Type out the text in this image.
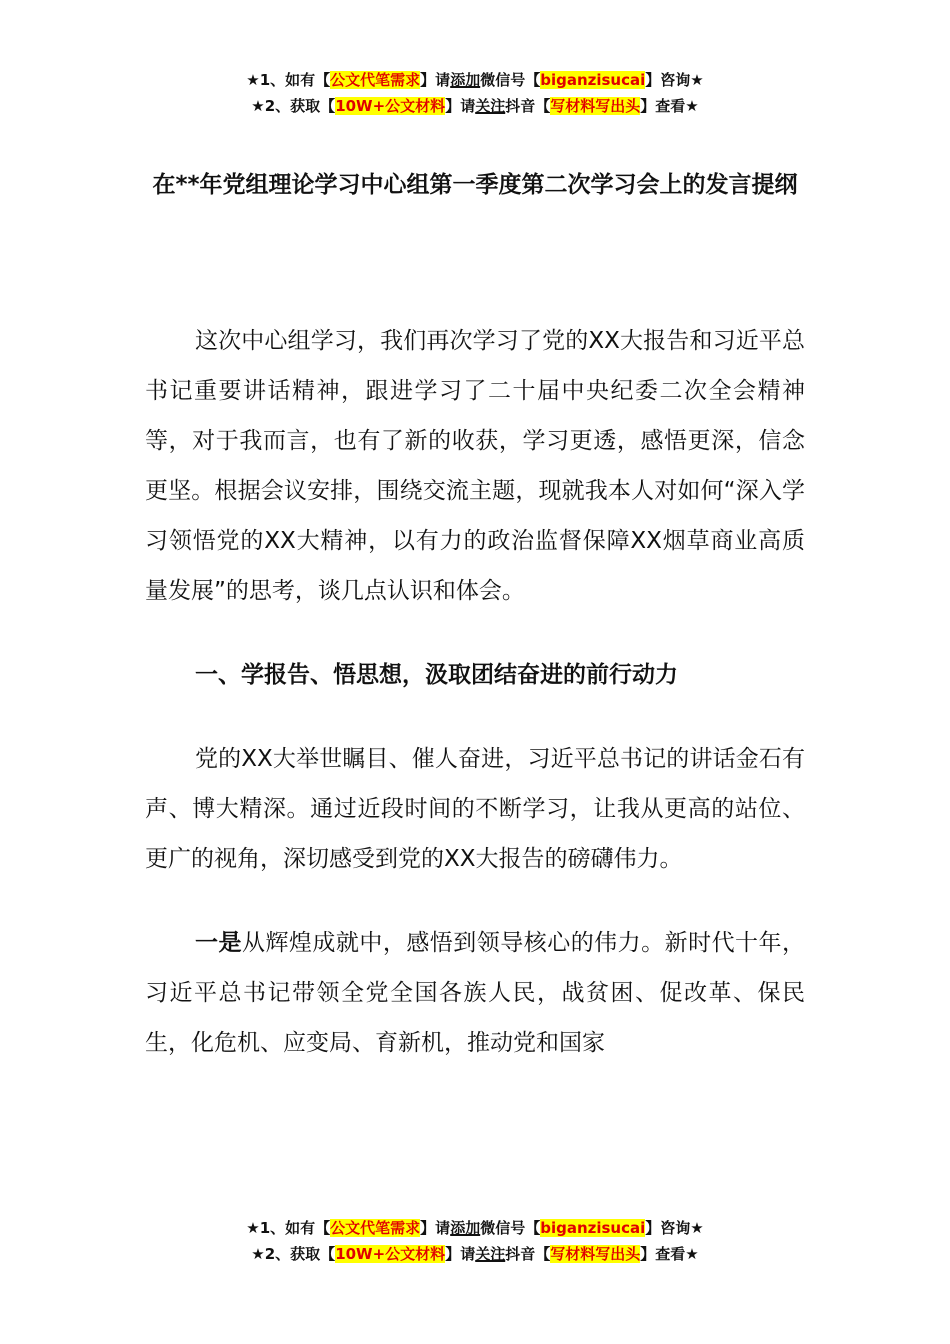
★1、如有【公文代笔需求】请添加微信号【biganzisucai】咨询★
★2、获取【10W+公文材料】请关注抖音【写材料写出头】查看★
在**年党组理论学习中心组第一季度第二次学习会上的发言提纲

这次中心组学习，我们再次学习了党的XX大报告和习近平总书记重要讲话精神，跟进学习了二十届中央纪委二次全会精神等，对于我而言，也有了新的收获，学习更透，感悟更深，信念更坚。根据会议安排，围绕交流主题，现就我本人对如何“深入学习领悟党的XX大精神，以有力的政治监督保障XX烟草商业高质量发展”的思考，谈几点认识和体会。

一、学报告、悟思想，汲取团结奋进的前行动力

党的XX大举世瞩目、催人奋进，习近平总书记的讲话金石有声、博大精深。通过近段时间的不断学习，让我从更高的站位、更广的视角，深切感受到党的XX大报告的磅礴伟力。

一是从辉煌成就中，感悟到领导核心的伟力。新时代十年，习近平总书记带领全党全国各族人民，战贫困、促改革、保民生，化危机、应变局、育新机，推动党和国家

★1、如有【公文代笔需求】请添加微信号【biganzisucai】咨询★
★2、获取【10W+公文材料】请关注抖音【写材料写出头】查看★
